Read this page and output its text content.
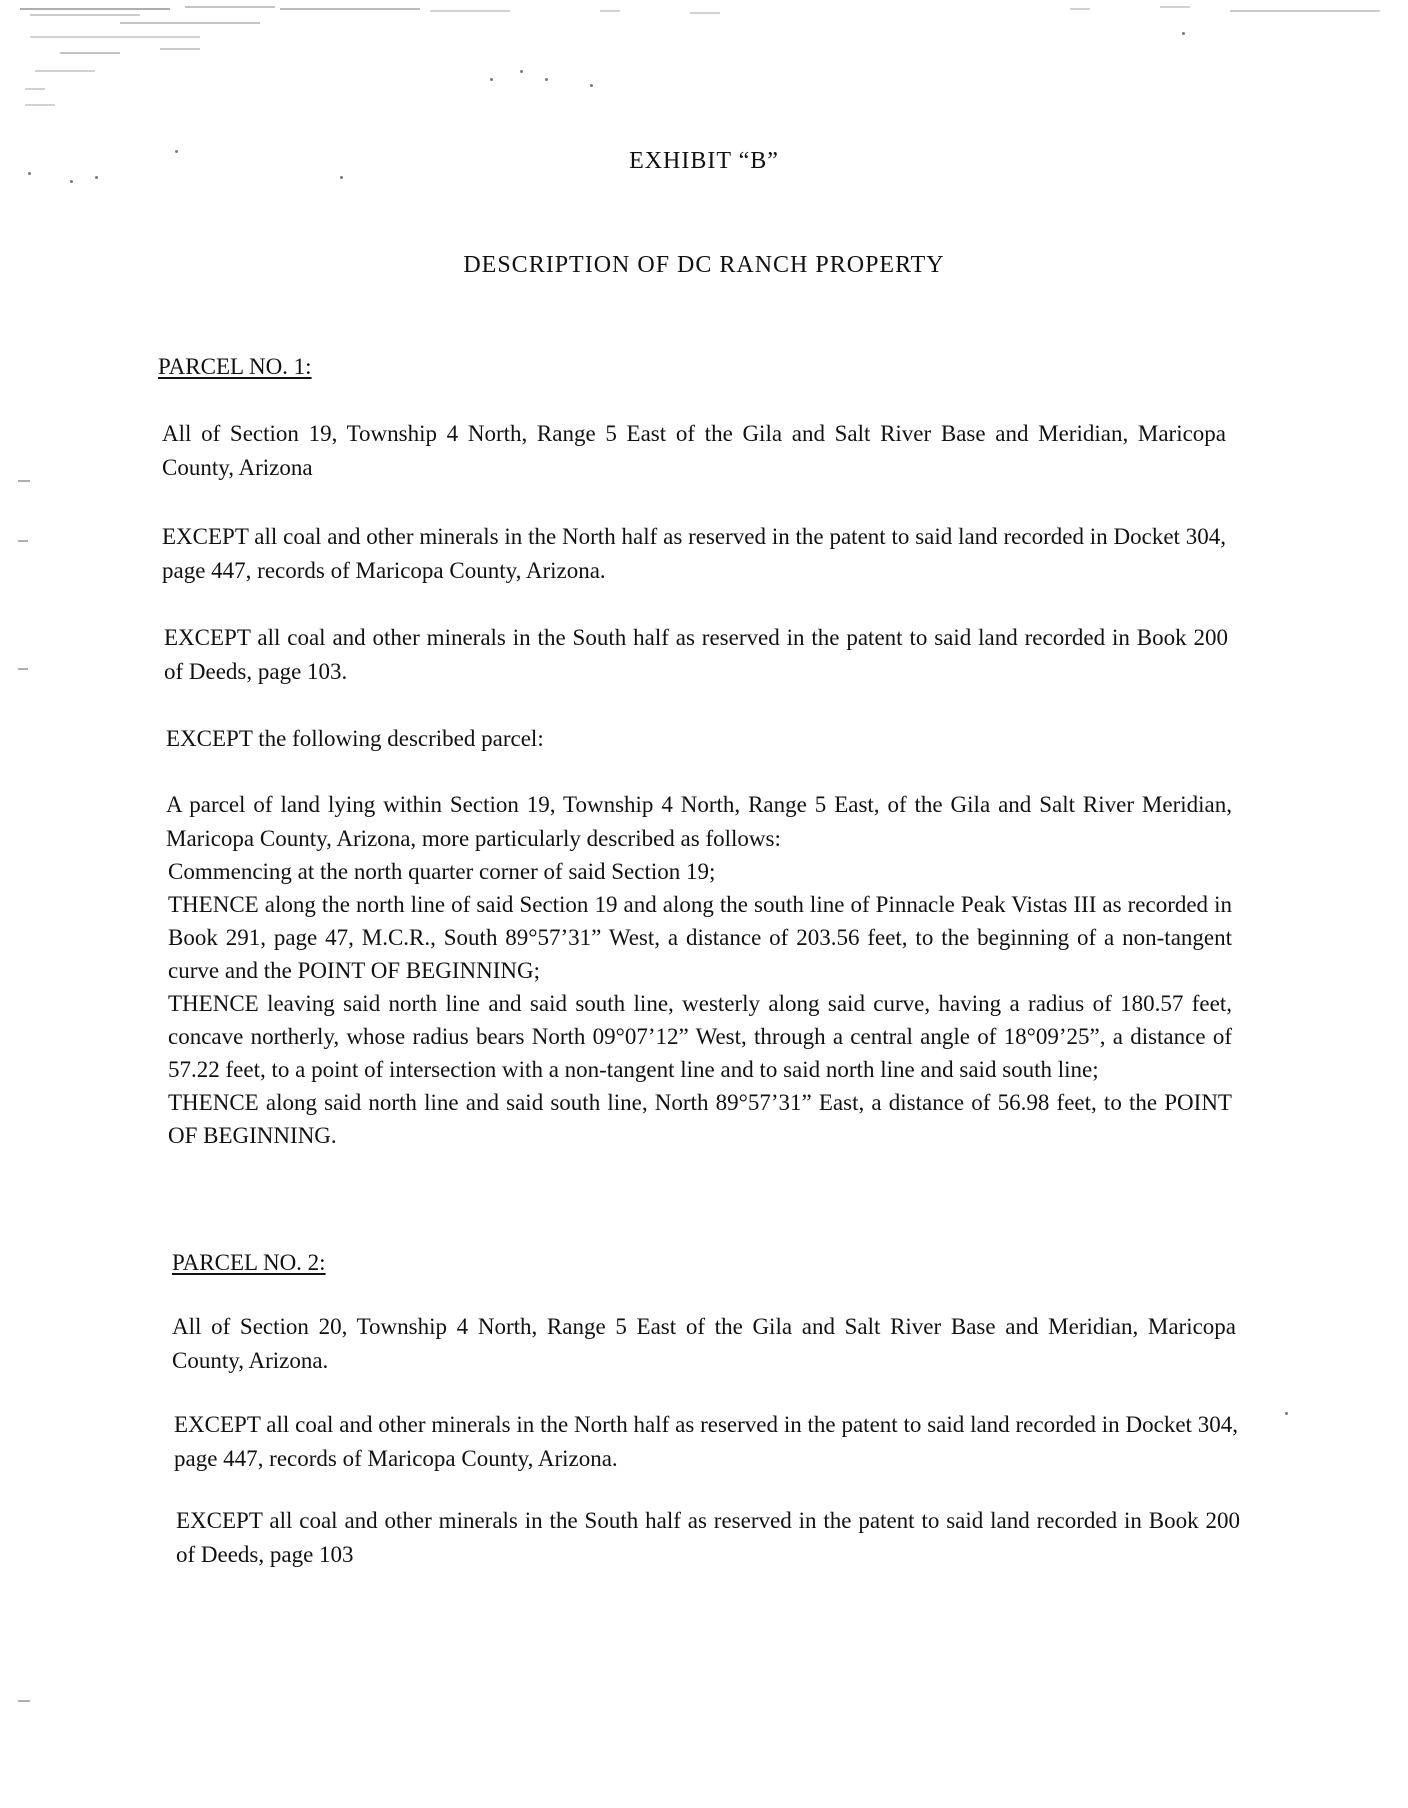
EXHIBIT “B”
DESCRIPTION OF DC RANCH PROPERTY
PARCEL NO. 1:

All of Section 19, Township 4 North, Range 5 East of the Gila and Salt River Base and Meridian, Maricopa County, Arizona

EXCEPT all coal and other minerals in the North half as reserved in the patent to said land recorded in Docket 304, page 447, records of Maricopa County, Arizona.

EXCEPT all coal and other minerals in the South half as reserved in the patent to said land recorded in Book 200 of Deeds, page 103.

EXCEPT the following described parcel:

A parcel of land lying within Section 19, Township 4 North, Range 5 East, of the Gila and Salt River Meridian, Maricopa County, Arizona, more particularly described as follows:

Commencing at the north quarter corner of said Section 19;

THENCE along the north line of said Section 19 and along the south line of Pinnacle Peak Vistas III as recorded in Book 291, page 47, M.C.R., South 89°57’31” West, a distance of 203.56 feet, to the beginning of a non-tangent curve and the POINT OF BEGINNING;

THENCE leaving said north line and said south line, westerly along said curve, having a radius of 180.57 feet, concave northerly, whose radius bears North 09°07’12” West, through a central angle of 18°09’25”, a distance of 57.22 feet, to a point of intersection with a non-tangent line and to said north line and said south line;

THENCE along said north line and said south line, North 89°57’31” East, a distance of 56.98 feet, to the POINT OF BEGINNING.

PARCEL NO. 2:

All of Section 20, Township 4 North, Range 5 East of the Gila and Salt River Base and Meridian, Maricopa County, Arizona.

EXCEPT all coal and other minerals in the North half as reserved in the patent to said land recorded in Docket 304, page 447, records of Maricopa County, Arizona.

EXCEPT all coal and other minerals in the South half as reserved in the patent to said land recorded in Book 200 of Deeds, page 103
